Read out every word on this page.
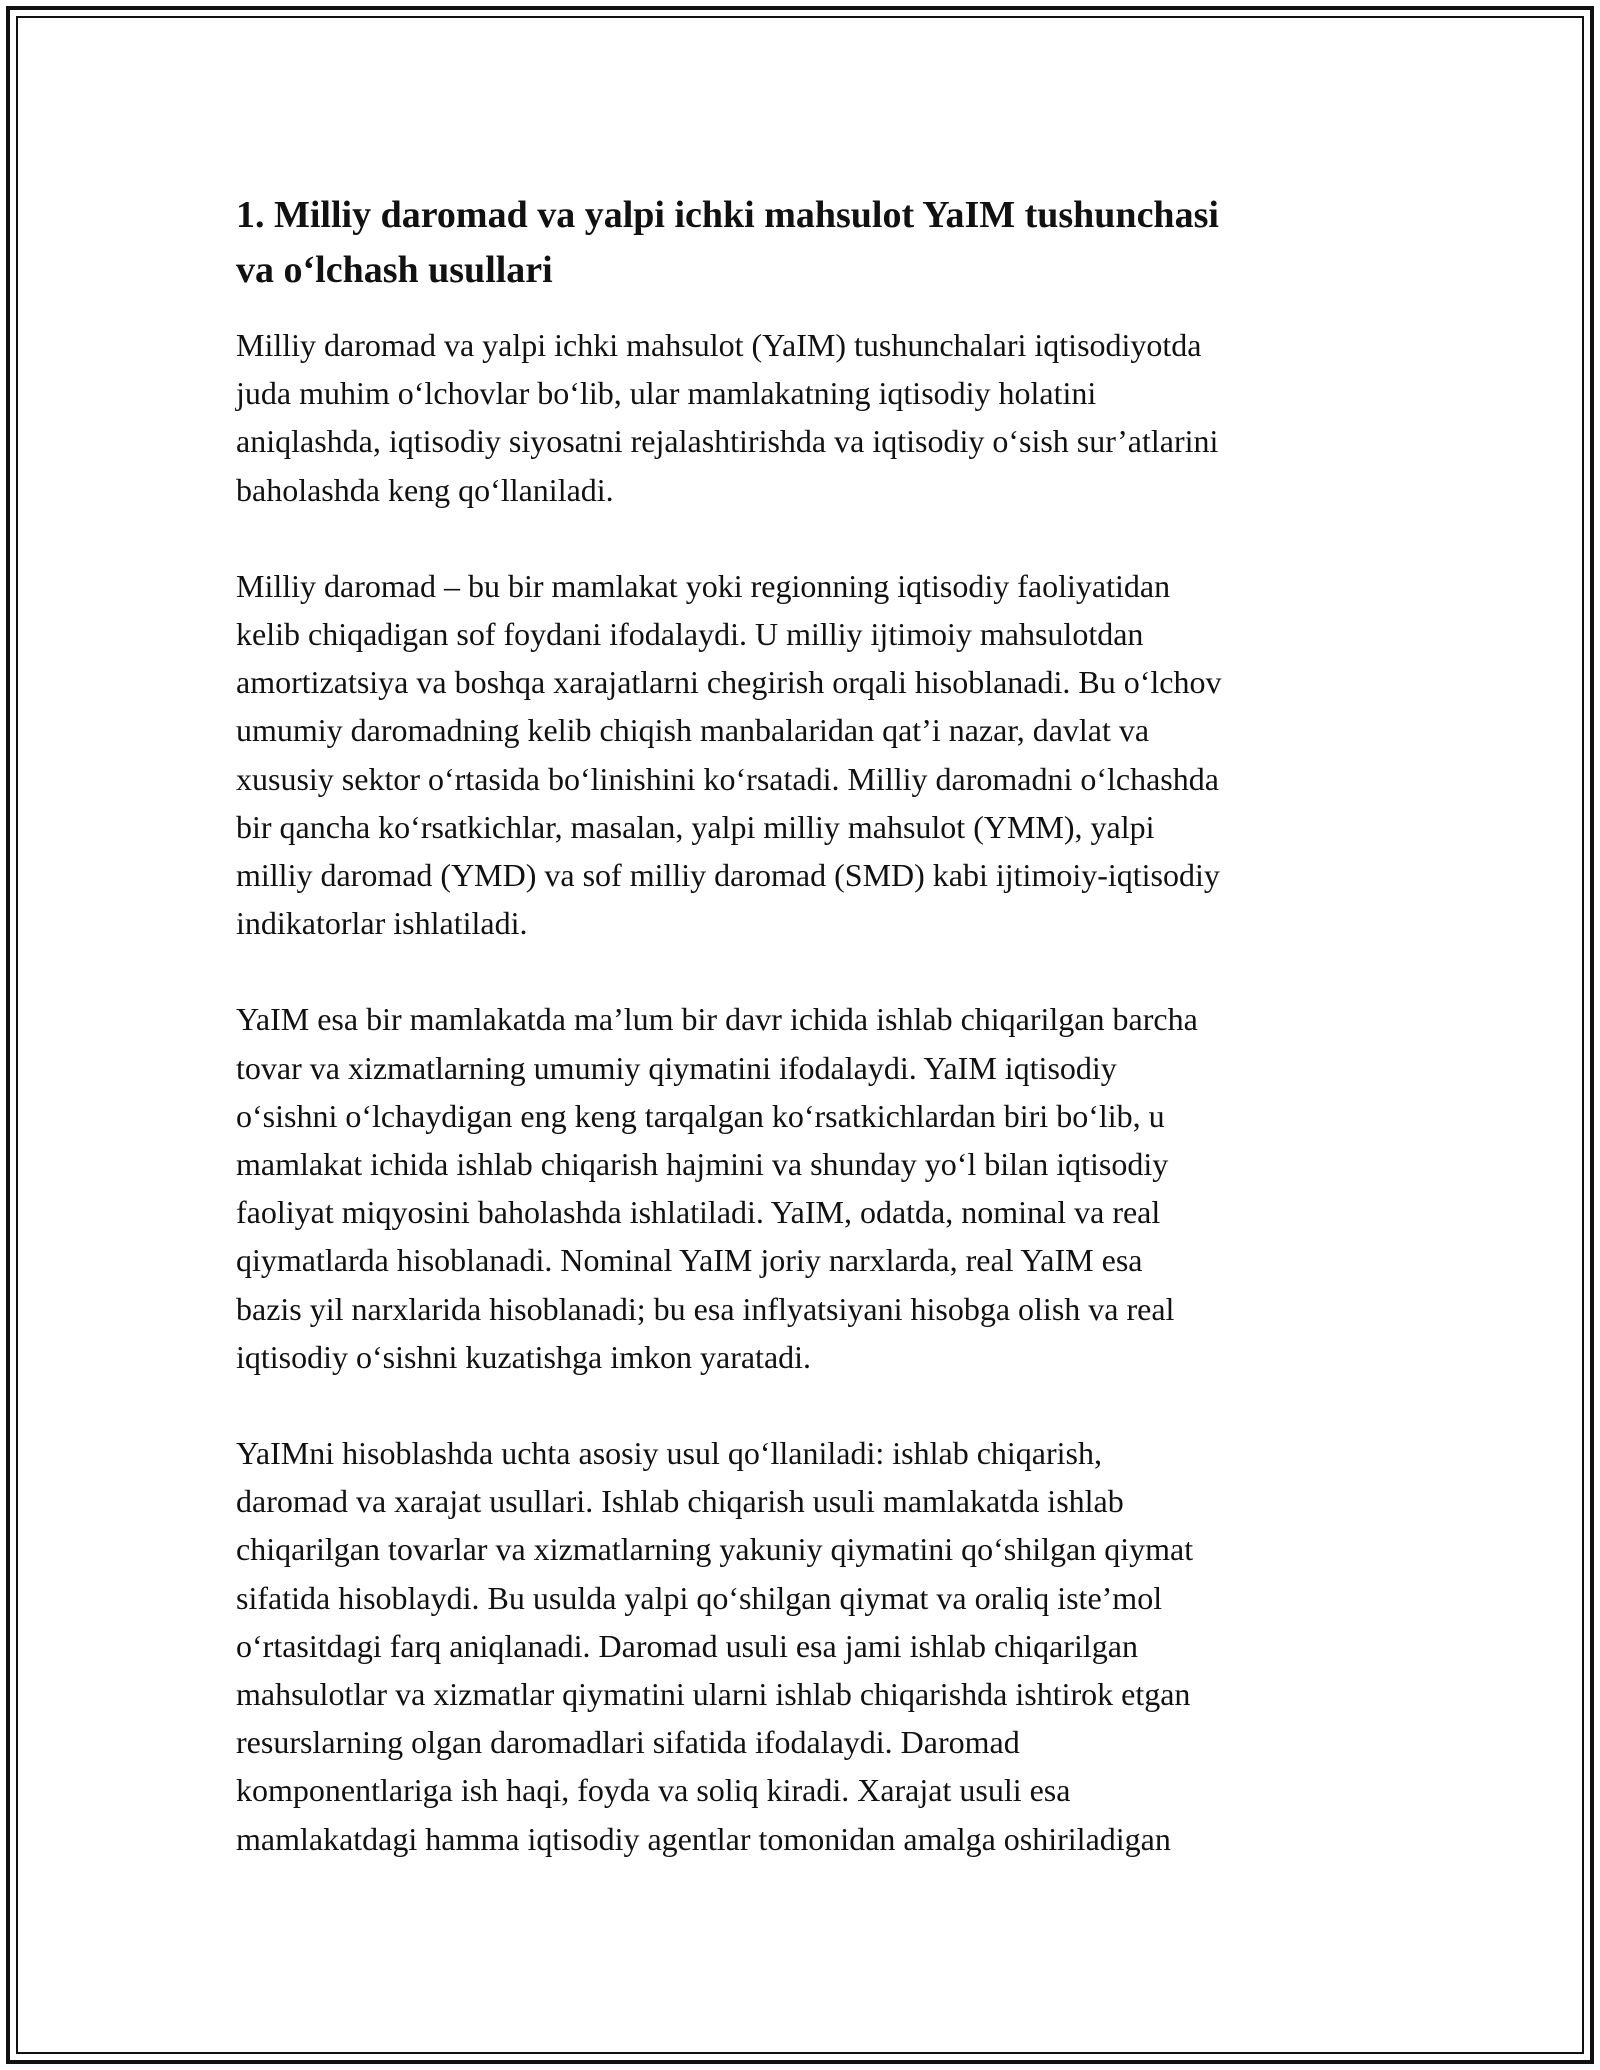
1. Milliy daromad va yalpi ichki mahsulot YaIM tushunchasi
va o‘lchash usullari

Milliy daromad va yalpi ichki mahsulot (YaIM) tushunchalari iqtisodiyotda
juda muhim o‘lchovlar bo‘lib, ular mamlakatning iqtisodiy holatini
aniqlashda, iqtisodiy siyosatni rejalashtirishda va iqtisodiy o‘sish sur’atlarini
baholashda keng qo‘llaniladi.

Milliy daromad – bu bir mamlakat yoki regionning iqtisodiy faoliyatidan
kelib chiqadigan sof foydani ifodalaydi. U milliy ijtimoiy mahsulotdan
amortizatsiya va boshqa xarajatlarni chegirish orqali hisoblanadi. Bu o‘lchov
umumiy daromadning kelib chiqish manbalaridan qat’i nazar, davlat va
xususiy sektor o‘rtasida bo‘linishini ko‘rsatadi. Milliy daromadni o‘lchashda
bir qancha ko‘rsatkichlar, masalan, yalpi milliy mahsulot (YMM), yalpi
milliy daromad (YMD) va sof milliy daromad (SMD) kabi ijtimoiy-iqtisodiy
indikatorlar ishlatiladi.

YaIM esa bir mamlakatda ma’lum bir davr ichida ishlab chiqarilgan barcha
tovar va xizmatlarning umumiy qiymatini ifodalaydi. YaIM iqtisodiy
o‘sishni o‘lchaydigan eng keng tarqalgan ko‘rsatkichlardan biri bo‘lib, u
mamlakat ichida ishlab chiqarish hajmini va shunday yo‘l bilan iqtisodiy
faoliyat miqyosini baholashda ishlatiladi. YaIM, odatda, nominal va real
qiymatlarda hisoblanadi. Nominal YaIM joriy narxlarda, real YaIM esa
bazis yil narxlarida hisoblanadi; bu esa inflyatsiyani hisobga olish va real
iqtisodiy o‘sishni kuzatishga imkon yaratadi.

YaIMni hisoblashda uchta asosiy usul qo‘llaniladi: ishlab chiqarish,
daromad va xarajat usullari. Ishlab chiqarish usuli mamlakatda ishlab
chiqarilgan tovarlar va xizmatlarning yakuniy qiymatini qo‘shilgan qiymat
sifatida hisoblaydi. Bu usulda yalpi qo‘shilgan qiymat va oraliq iste’mol
o‘rtasitdagi farq aniqlanadi. Daromad usuli esa jami ishlab chiqarilgan
mahsulotlar va xizmatlar qiymatini ularni ishlab chiqarishda ishtirok etgan
resurslarning olgan daromadlari sifatida ifodalaydi. Daromad
komponentlariga ish haqi, foyda va soliq kiradi. Xarajat usuli esa
mamlakatdagi hamma iqtisodiy agentlar tomonidan amalga oshiriladigan
